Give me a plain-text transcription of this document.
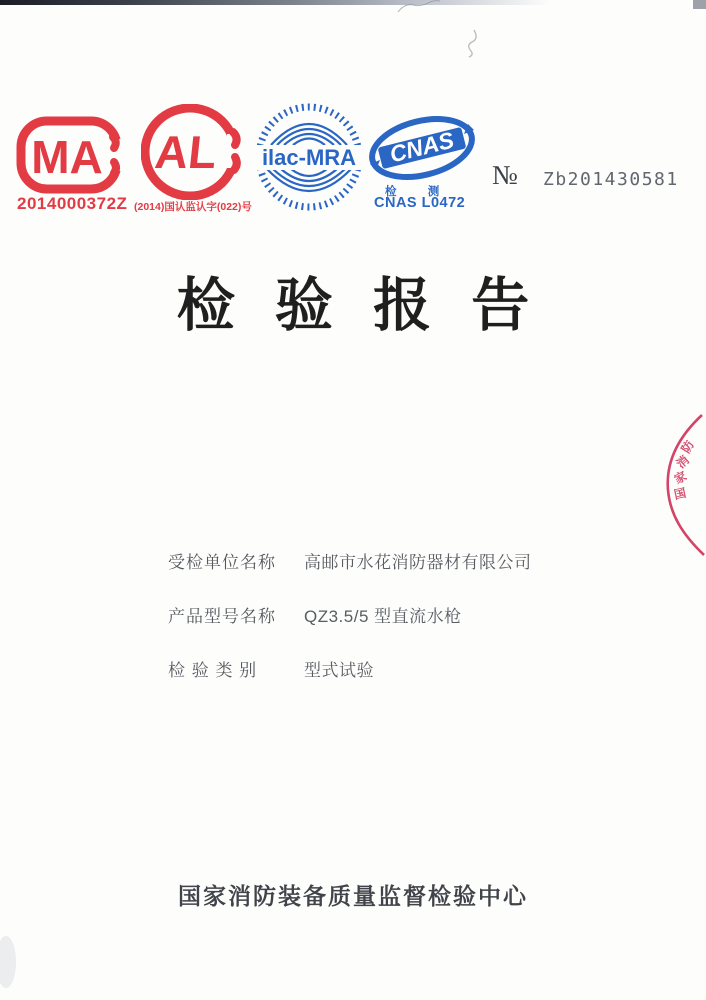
MA
2014000372Z
AL
(2014)国认监认字(022)号
ilac-MRA CNAS
检 测
CNAS L0472
№ Zb201430581
检 验 报 告
防
消
家
国
受检单位名称	高邮市水花消防器材有限公司
产品型号名称	QZ3.5/5 型直流水枪
检 验 类 别	型式试验
国家消防装备质量监督检验中心
